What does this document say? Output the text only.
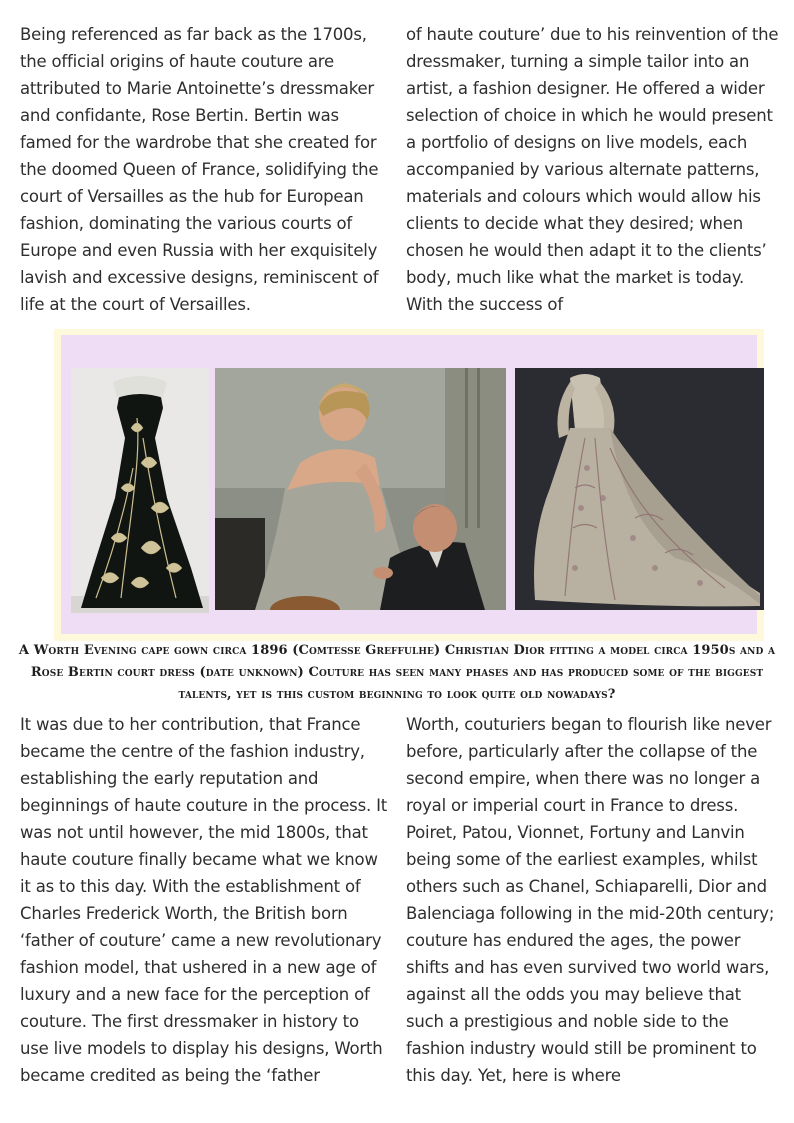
Being referenced as far back as the 1700s, the official origins of haute couture are attributed to Marie Antoinette’s dressmaker and confidante, Rose Bertin. Bertin was famed for the wardrobe that she created for the doomed Queen of France, solidifying the court of Versailles as the hub for European fashion, dominating the various courts of Europe and even Russia with her exquisitely lavish and excessive designs, reminiscent of life at the court of Versailles.

of haute couture’ due to his reinvention of the dressmaker, turning a simple tailor into an artist, a fashion designer. He offered a wider selection of choice in which he would present a portfolio of designs on live models, each accompanied by various alternate patterns, materials and colours which would allow his clients to decide what they desired; when chosen he would then adapt it to the clients’ body, much like what the market is today. With the success of

A Worth Evening cape gown circa 1896 (Comtesse Greffulhe) Christian Dior fitting a model circa 1950s and a Rose Bertin court dress (date unknown) Couture has seen many phases and has produced some of the biggest talents, yet is this custom beginning to look quite old nowadays?

It was due to her contribution, that France became the centre of the fashion industry, establishing the early reputation and beginnings of haute couture in the process. It was not until however, the mid 1800s, that haute couture finally became what we know it as to this day. With the establishment of Charles Frederick Worth, the British born ‘father of couture’ came a new revolutionary fashion model, that ushered in a new age of luxury and a new face for the perception of couture. The first dressmaker in history to use live models to display his designs, Worth became credited as being the ‘father

Worth, couturiers began to flourish like never before, particularly after the collapse of the second empire, when there was no longer a royal or imperial court in France to dress. Poiret, Patou, Vionnet, Fortuny and Lanvin being some of the earliest examples, whilst others such as Chanel, Schiaparelli, Dior and Balenciaga following in the mid-20th century; couture has endured the ages, the power shifts and has even survived two world wars, against all the odds you may believe that such a prestigious and noble side to the fashion industry would still be prominent to this day. Yet, here is where
